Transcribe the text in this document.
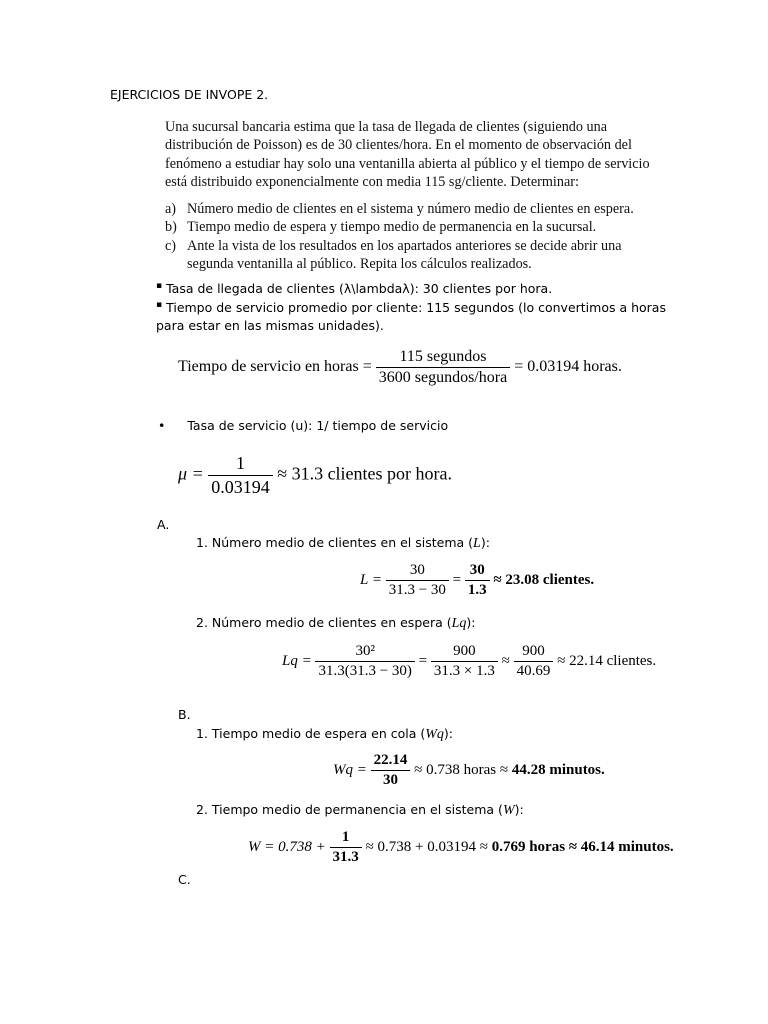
EJERCICIOS DE INVOPE 2.
Una sucursal bancaria estima que la tasa de llegada de clientes (siguiendo una
distribución de Poisson) es de 30 clientes/hora. En el momento de observación del
fenómeno a estudiar hay solo una ventanilla abierta al público y el tiempo de servicio
está distribuido exponencialmente con media 115 sg/cliente. Determinar:
a) Número medio de clientes en el sistema y número medio de clientes en espera.
b) Tiempo medio de espera y tiempo medio de permanencia en la sucursal.
c) Ante la vista de los resultados en los apartados anteriores se decide abrir una
segunda ventanilla al público. Repita los cálculos realizados.
▪ Tasa de llegada de clientes (λ\lambdaλ): 30 clientes por hora.
▪ Tiempo de servicio promedio por cliente: 115 segundos (lo convertimos a horas
para estar en las mismas unidades).
Tiempo de servicio en horas = $\frac{\text{115 segundos}}{\text{3600 segundos/hora}} = 0.03194$ horas.
• Tasa de servicio (u): 1/ tiempo de servicio
$\mu = \frac{1}{0.03194} \approx 31.3$ clientes por hora.
A.
1. Número medio de clientes en el sistema (L):
$L = \frac{30}{31.3 - 30} = \frac{30}{1.3} \approx 23.08$ clientes.
2. Número medio de clientes en espera (Lq):
$Lq = \frac{\text{30²}}{31.3(31.3 - 30)} = \frac{900}{31.3 \times 1.3} \approx \frac{900}{40.69} \approx 22.14$ clientes.
B.
1. Tiempo medio de espera en cola (Wq):
$Wq = \frac{22.14}{30} \approx 0.738$ horas ≈ 44.28 minutos.
2. Tiempo medio de permanencia en el sistema (W):
$W = 0.738 + \frac{1}{31.3} \approx 0.738 + 0.03194 \approx 0.769$ horas ≈ 46.14 minutos.
C.
